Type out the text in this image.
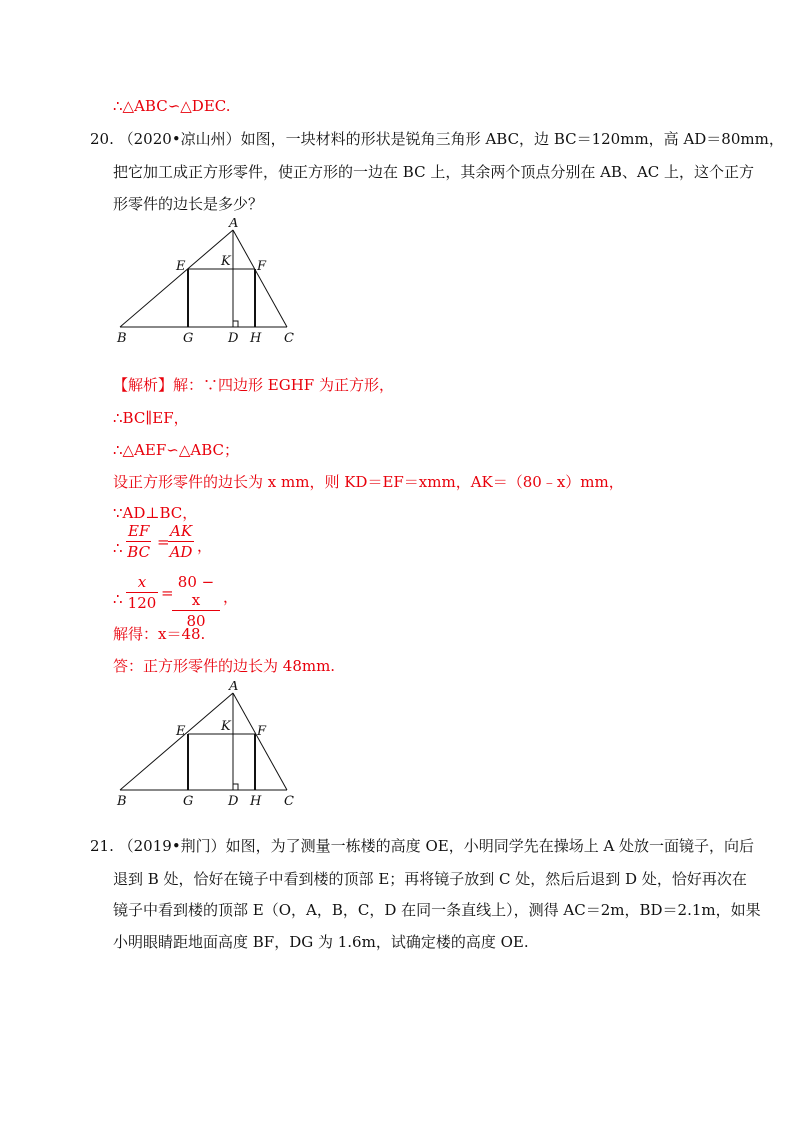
∴△ABC∽△DEC.
20. （2020•凉山州）如图，一块材料的形状是锐角三角形 ABC，边 BC＝120mm，高 AD＝80mm，
把它加工成正方形零件，使正方形的一边在 BC 上，其余两个顶点分别在 AB、AC 上，这个正方
形零件的边长是多少？
A
E	K F
B	G	D H C
【解析】解：∵四边形 EGHF 为正方形，
∴BC∥EF，
∴△AEF∽△ABC；
设正方形零件的边长为 x mm，则 KD＝EF＝xmm，AK＝（80﹣x）mm，
∵AD⊥BC，
∴ $\frac{EF}{BC}$ =
$\frac{AK}{AD}$ ，
∴ $\frac{x}{120}$ =
$\frac{80 - x}{80}$ ，
解得：x＝48.
答：正方形零件的边长为 48mm.
A
E	K F
B	G	D H C
21. （2019•荆门）如图，为了测量一栋楼的高度 OE，小明同学先在操场上 A 处放一面镜子，向后
退到 B 处，恰好在镜子中看到楼的顶部 E；再将镜子放到 C 处，然后后退到 D 处，恰好再次在
镜子中看到楼的顶部 E（O，A，B，C，D 在同一条直线上），测得 AC＝2m，BD＝2.1m，如果
小明眼睛距地面高度 BF，DG 为 1.6m，试确定楼的高度 OE.
